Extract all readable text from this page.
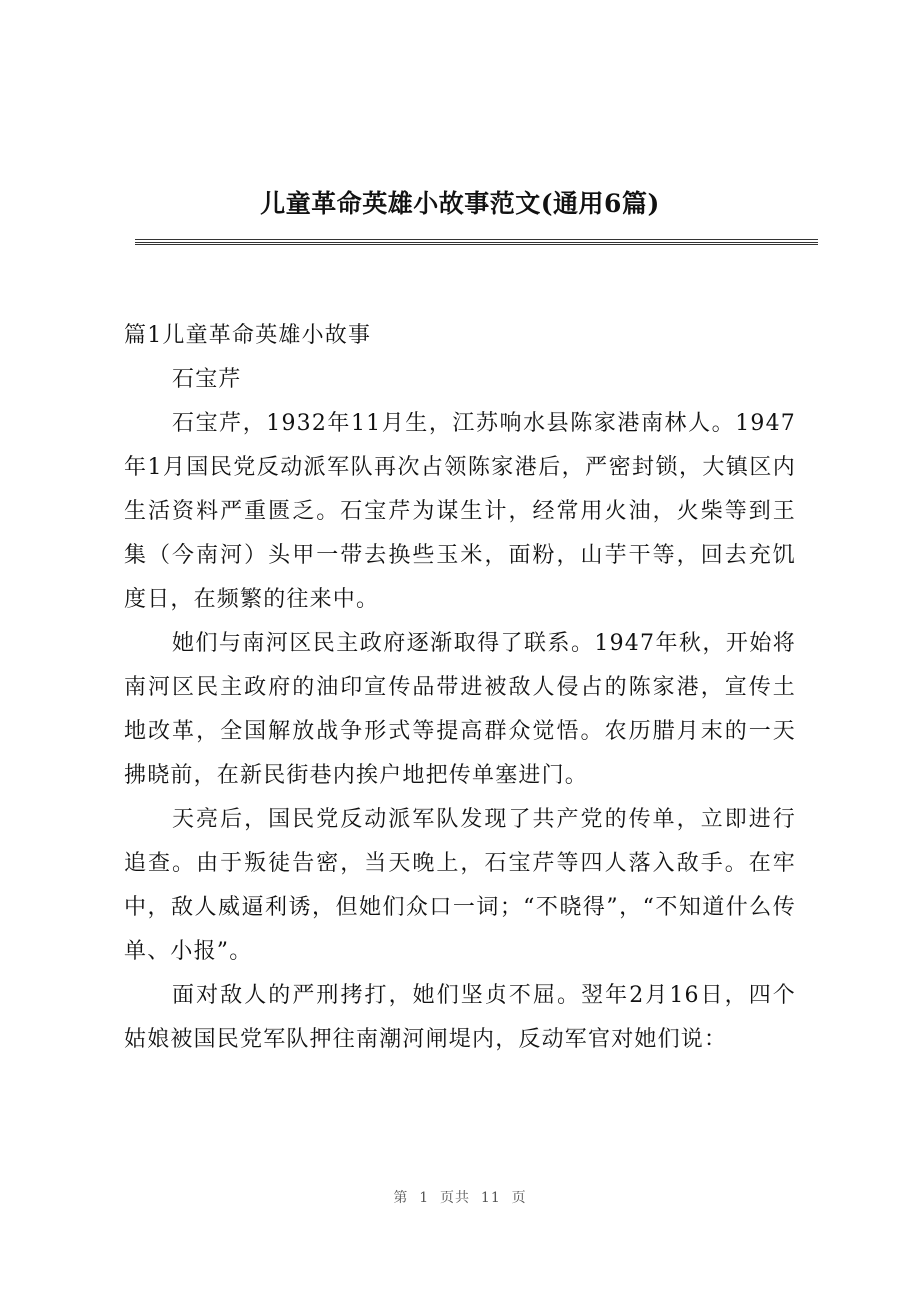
儿童革命英雄小故事范文(通用6篇)

篇1儿童革命英雄小故事

石宝芹

石宝芹，1932年11月生，江苏响水县陈家港南林人。1947年1月国民党反动派军队再次占领陈家港后，严密封锁，大镇区内生活资料严重匮乏。石宝芹为谋生计，经常用火油，火柴等到王集（今南河）头甲一带去换些玉米，面粉，山芋干等，回去充饥度日，在频繁的往来中。

她们与南河区民主政府逐渐取得了联系。1947年秋，开始将南河区民主政府的油印宣传品带进被敌人侵占的陈家港，宣传土地改革，全国解放战争形式等提高群众觉悟。农历腊月末的一天拂晓前，在新民街巷内挨户地把传单塞进门。

天亮后，国民党反动派军队发现了共产党的传单，立即进行追查。由于叛徒告密，当天晚上，石宝芹等四人落入敌手。在牢中，敌人威逼利诱，但她们众口一词；“不晓得”，“不知道什么传单、小报”。

面对敌人的严刑拷打，她们坚贞不屈。翌年2月16日，四个姑娘被国民党军队押往南潮河闸堤内，反动军官对她们说：

第  1  页共  11  页
